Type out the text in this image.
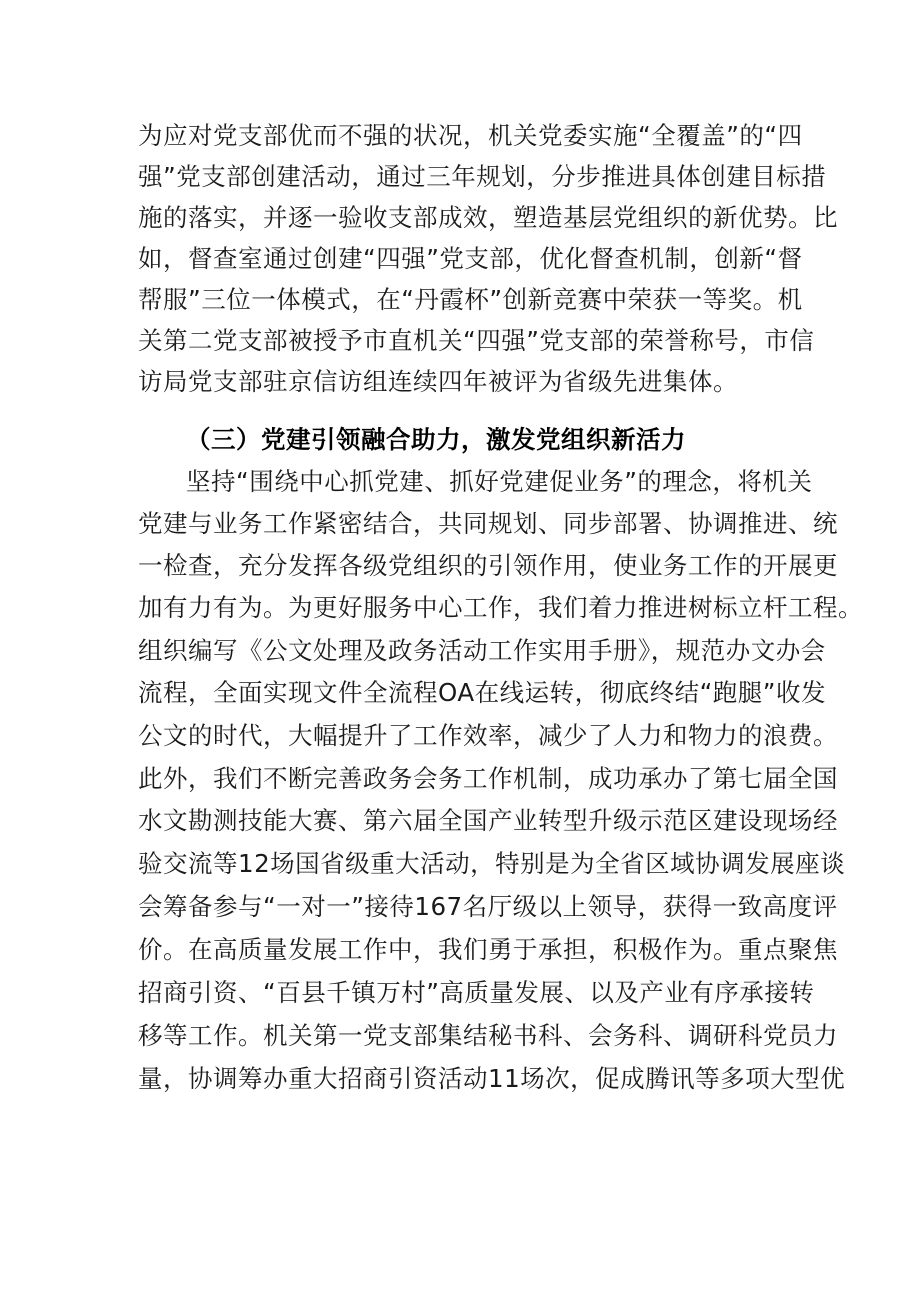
为应对党支部优而不强的状况，机关党委实施“全覆盖”的“四
强”党支部创建活动，通过三年规划，分步推进具体创建目标措
施的落实，并逐一验收支部成效，塑造基层党组织的新优势。比
如，督查室通过创建“四强”党支部，优化督查机制，创新“督
帮服”三位一体模式，在“丹霞杯”创新竞赛中荣获一等奖。机
关第二党支部被授予市直机关“四强”党支部的荣誉称号，市信
访局党支部驻京信访组连续四年被评为省级先进集体。
（三）党建引领融合助力，激发党组织新活力
坚持“围绕中心抓党建、抓好党建促业务”的理念，将机关
党建与业务工作紧密结合，共同规划、同步部署、协调推进、统
一检查，充分发挥各级党组织的引领作用，使业务工作的开展更
加有力有为。为更好服务中心工作，我们着力推进树标立杆工程。
组织编写《公文处理及政务活动工作实用手册》，规范办文办会
流程，全面实现文件全流程OA在线运转，彻底终结“跑腿”收发
公文的时代，大幅提升了工作效率，减少了人力和物力的浪费。
此外，我们不断完善政务会务工作机制，成功承办了第七届全国
水文勘测技能大赛、第六届全国产业转型升级示范区建设现场经
验交流等12场国省级重大活动，特别是为全省区域协调发展座谈
会筹备参与“一对一”接待167名厅级以上领导，获得一致高度评
价。在高质量发展工作中，我们勇于承担，积极作为。重点聚焦
招商引资、“百县千镇万村”高质量发展、以及产业有序承接转
移等工作。机关第一党支部集结秘书科、会务科、调研科党员力
量，协调筹办重大招商引资活动11场次，促成腾讯等多项大型优
